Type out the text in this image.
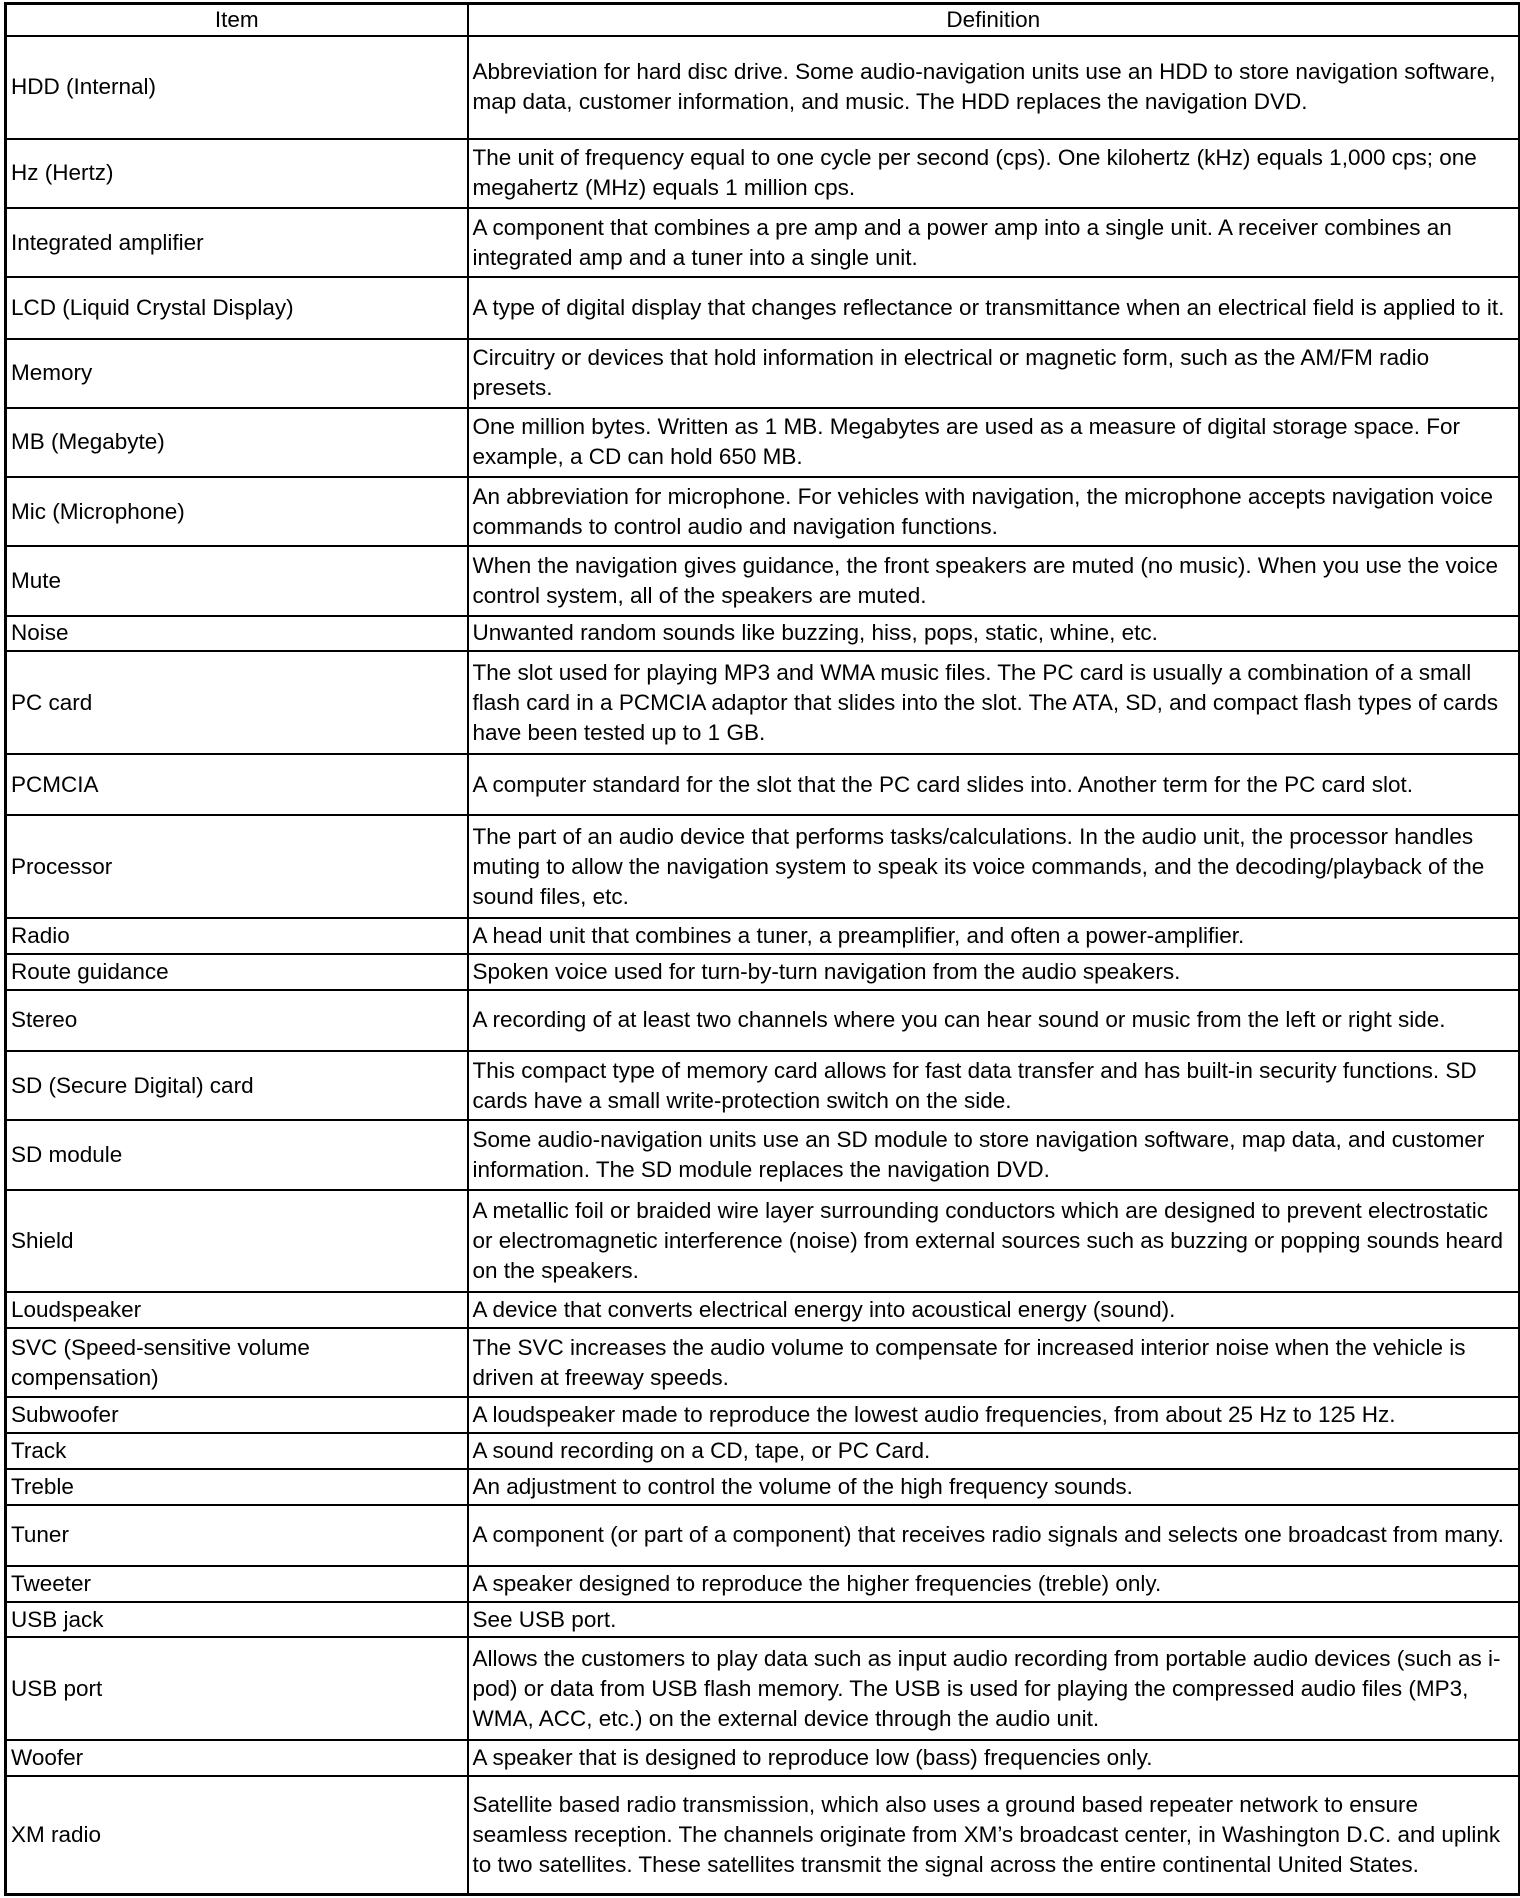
Item	Definition
HDD (Internal)	Abbreviation for hard disc drive. Some audio-navigation units use an HDD to store navigation software, map data, customer information, and music. The HDD replaces the navigation DVD.
Hz (Hertz)	The unit of frequency equal to one cycle per second (cps). One kilohertz (kHz) equals 1,000 cps; one megahertz (MHz) equals 1 million cps.
Integrated amplifier	A component that combines a pre amp and a power amp into a single unit. A receiver combines an integrated amp and a tuner into a single unit.
LCD (Liquid Crystal Display)	A type of digital display that changes reflectance or transmittance when an electrical field is applied to it.
Memory	Circuitry or devices that hold information in electrical or magnetic form, such as the AM/FM radio presets.
MB (Megabyte)	One million bytes. Written as 1 MB. Megabytes are used as a measure of digital storage space. For example, a CD can hold 650 MB.
Mic (Microphone)	An abbreviation for microphone. For vehicles with navigation, the microphone accepts navigation voice commands to control audio and navigation functions.
Mute	When the navigation gives guidance, the front speakers are muted (no music). When you use the voice control system, all of the speakers are muted.
Noise	Unwanted random sounds like buzzing, hiss, pops, static, whine, etc.
PC card	The slot used for playing MP3 and WMA music files. The PC card is usually a combination of a small flash card in a PCMCIA adaptor that slides into the slot. The ATA, SD, and compact flash types of cards have been tested up to 1 GB.
PCMCIA	A computer standard for the slot that the PC card slides into. Another term for the PC card slot.
Processor	The part of an audio device that performs tasks/calculations. In the audio unit, the processor handles muting to allow the navigation system to speak its voice commands, and the decoding/playback of the sound files, etc.
Radio	A head unit that combines a tuner, a preamplifier, and often a power-amplifier.
Route guidance	Spoken voice used for turn-by-turn navigation from the audio speakers.
Stereo	A recording of at least two channels where you can hear sound or music from the left or right side.
SD (Secure Digital) card	This compact type of memory card allows for fast data transfer and has built-in security functions. SD cards have a small write-protection switch on the side.
SD module	Some audio-navigation units use an SD module to store navigation software, map data, and customer information. The SD module replaces the navigation DVD.
Shield	A metallic foil or braided wire layer surrounding conductors which are designed to prevent electrostatic or electromagnetic interference (noise) from external sources such as buzzing or popping sounds heard on the speakers.
Loudspeaker	A device that converts electrical energy into acoustical energy (sound).
SVC (Speed-sensitive volume compensation)	The SVC increases the audio volume to compensate for increased interior noise when the vehicle is driven at freeway speeds.
Subwoofer	A loudspeaker made to reproduce the lowest audio frequencies, from about 25 Hz to 125 Hz.
Track	A sound recording on a CD, tape, or PC Card.
Treble	An adjustment to control the volume of the high frequency sounds.
Tuner	A component (or part of a component) that receives radio signals and selects one broadcast from many.
Tweeter	A speaker designed to reproduce the higher frequencies (treble) only.
USB jack	See USB port.
USB port	Allows the customers to play data such as input audio recording from portable audio devices (such as i-pod) or data from USB flash memory. The USB is used for playing the compressed audio files (MP3, WMA, ACC, etc.) on the external device through the audio unit.
Woofer	A speaker that is designed to reproduce low (bass) frequencies only.
XM radio	Satellite based radio transmission, which also uses a ground based repeater network to ensure seamless reception. The channels originate from XM’s broadcast center, in Washington D.C. and uplink to two satellites. These satellites transmit the signal across the entire continental United States.
